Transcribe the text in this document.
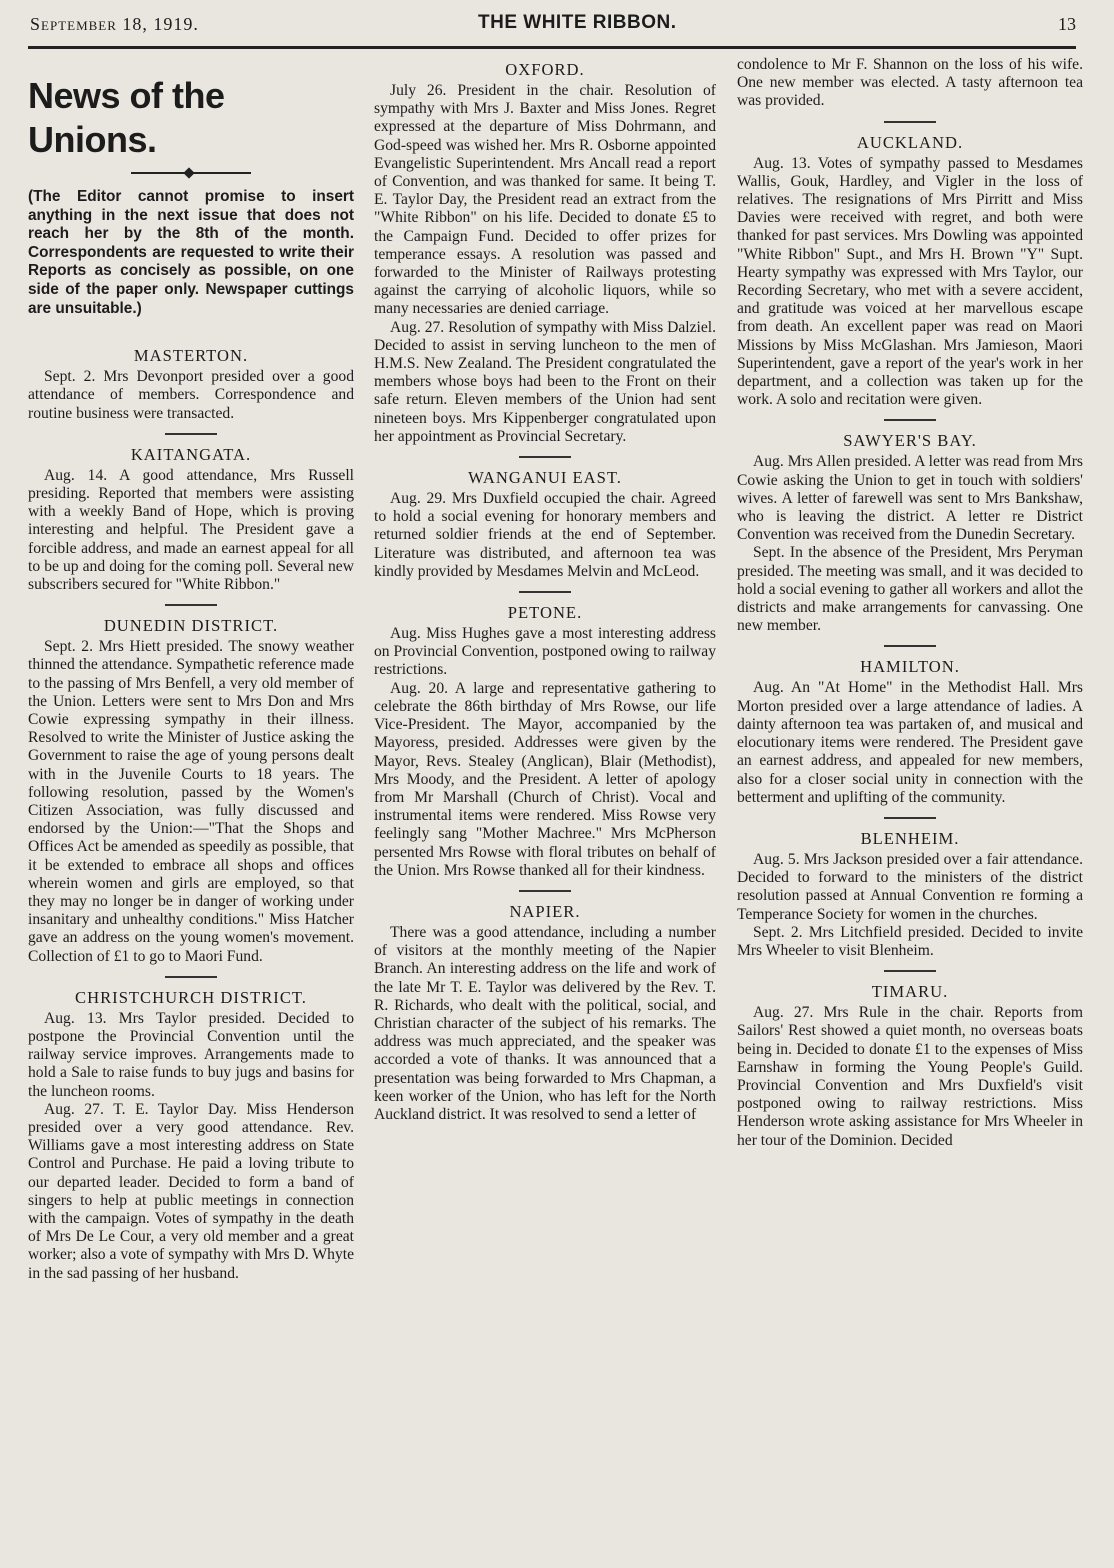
September 18, 1919.	THE WHITE RIBBON.	13
News of the Unions.
(The Editor cannot promise to insert anything in the next issue that does not reach her by the 8th of the month. Correspondents are requested to write their Reports as concisely as possible, on one side of the paper only. Newspaper cuttings are unsuitable.)
MASTERTON.

Sept. 2. Mrs Devonport presided over a good attendance of members. Correspondence and routine business were transacted.

KAITANGATA.

Aug. 14. A good attendance, Mrs Russell presiding. Reported that members were assisting with a weekly Band of Hope, which is proving interesting and helpful. The President gave a forcible address, and made an earnest appeal for all to be up and doing for the coming poll. Several new subscribers secured for "White Ribbon."

DUNEDIN DISTRICT.

Sept. 2. Mrs Hiett presided. The snowy weather thinned the attendance. Sympathetic reference made to the passing of Mrs Benfell, a very old member of the Union. Letters were sent to Mrs Don and Mrs Cowie expressing sympathy in their illness. Resolved to write the Minister of Justice asking the Government to raise the age of young persons dealt with in the Juvenile Courts to 18 years. The following resolution, passed by the Women's Citizen Association, was fully discussed and endorsed by the Union:—"That the Shops and Offices Act be amended as speedily as possible, that it be extended to embrace all shops and offices wherein women and girls are employed, so that they may no longer be in danger of working under insanitary and unhealthy conditions." Miss Hatcher gave an address on the young women's movement. Collection of £1 to go to Maori Fund.

CHRISTCHURCH DISTRICT.

Aug. 13. Mrs Taylor presided. Decided to postpone the Provincial Convention until the railway service improves. Arrangements made to hold a Sale to raise funds to buy jugs and basins for the luncheon rooms.

Aug. 27. T. E. Taylor Day. Miss Henderson presided over a very good attendance. Rev. Williams gave a most interesting address on State Control and Purchase. He paid a loving tribute to our departed leader. Decided to form a band of singers to help at public meetings in connection with the campaign. Votes of sympathy in the death of Mrs De Le Cour, a very old member and a great worker; also a vote of sympathy with Mrs D. Whyte in the sad passing of her husband.

OXFORD.

July 26. President in the chair. Resolution of sympathy with Mrs J. Baxter and Miss Jones. Regret expressed at the departure of Miss Dohrmann, and God-speed was wished her. Mrs R. Osborne appointed Evangelistic Superintendent. Mrs Ancall read a report of Convention, and was thanked for same. It being T. E. Taylor Day, the President read an extract from the "White Ribbon" on his life. Decided to donate £5 to the Campaign Fund. Decided to offer prizes for temperance essays. A resolution was passed and forwarded to the Minister of Railways protesting against the carrying of alcoholic liquors, while so many necessaries are denied carriage.

Aug. 27. Resolution of sympathy with Miss Dalziel. Decided to assist in serving luncheon to the men of H.M.S. New Zealand. The President congratulated the members whose boys had been to the Front on their safe return. Eleven members of the Union had sent nineteen boys. Mrs Kippenberger congratulated upon her appointment as Provincial Secretary.

WANGANUI EAST.

Aug. 29. Mrs Duxfield occupied the chair. Agreed to hold a social evening for honorary members and returned soldier friends at the end of September. Literature was distributed, and afternoon tea was kindly provided by Mesdames Melvin and McLeod.

PETONE.

Aug. Miss Hughes gave a most interesting address on Provincial Convention, postponed owing to railway restrictions.

Aug. 20. A large and representative gathering to celebrate the 86th birthday of Mrs Rowse, our life Vice-President. The Mayor, accompanied by the Mayoress, presided. Addresses were given by the Mayor, Revs. Stealey (Anglican), Blair (Methodist), Mrs Moody, and the President. A letter of apology from Mr Marshall (Church of Christ). Vocal and instrumental items were rendered. Miss Rowse very feelingly sang "Mother Machree." Mrs McPherson persented Mrs Rowse with floral tributes on behalf of the Union. Mrs Rowse thanked all for their kindness.

NAPIER.

There was a good attendance, including a number of visitors at the monthly meeting of the Napier Branch. An interesting address on the life and work of the late Mr T. E. Taylor was delivered by the Rev. T. R. Richards, who dealt with the political, social, and Christian character of the subject of his remarks. The address was much appreciated, and the speaker was accorded a vote of thanks. It was announced that a presentation was being forwarded to Mrs Chapman, a keen worker of the Union, who has left for the North Auckland district. It was resolved to send a letter of

condolence to Mr F. Shannon on the loss of his wife. One new member was elected. A tasty afternoon tea was provided.

AUCKLAND.

Aug. 13. Votes of sympathy passed to Mesdames Wallis, Gouk, Hardley, and Vigler in the loss of relatives. The resignations of Mrs Pirritt and Miss Davies were received with regret, and both were thanked for past services. Mrs Dowling was appointed "White Ribbon" Supt., and Mrs H. Brown "Y" Supt. Hearty sympathy was expressed with Mrs Taylor, our Recording Secretary, who met with a severe accident, and gratitude was voiced at her marvellous escape from death. An excellent paper was read on Maori Missions by Miss McGlashan. Mrs Jamieson, Maori Superintendent, gave a report of the year's work in her department, and a collection was taken up for the work. A solo and recitation were given.

SAWYER'S BAY.

Aug. Mrs Allen presided. A letter was read from Mrs Cowie asking the Union to get in touch with soldiers' wives. A letter of farewell was sent to Mrs Bankshaw, who is leaving the district. A letter re District Convention was received from the Dunedin Secretary.

Sept. In the absence of the President, Mrs Peryman presided. The meeting was small, and it was decided to hold a social evening to gather all workers and allot the districts and make arrangements for canvassing. One new member.

HAMILTON.

Aug. An "At Home" in the Methodist Hall. Mrs Morton presided over a large attendance of ladies. A dainty afternoon tea was partaken of, and musical and elocutionary items were rendered. The President gave an earnest address, and appealed for new members, also for a closer social unity in connection with the betterment and uplifting of the community.

BLENHEIM.

Aug. 5. Mrs Jackson presided over a fair attendance. Decided to forward to the ministers of the district resolution passed at Annual Convention re forming a Temperance Society for women in the churches.

Sept. 2. Mrs Litchfield presided. Decided to invite Mrs Wheeler to visit Blenheim.

TIMARU.

Aug. 27. Mrs Rule in the chair. Reports from Sailors' Rest showed a quiet month, no overseas boats being in. Decided to donate £1 to the expenses of Miss Earnshaw in forming the Young People's Guild. Provincial Convention and Mrs Duxfield's visit postponed owing to railway restrictions. Miss Henderson wrote asking assistance for Mrs Wheeler in her tour of the Dominion. Decided
